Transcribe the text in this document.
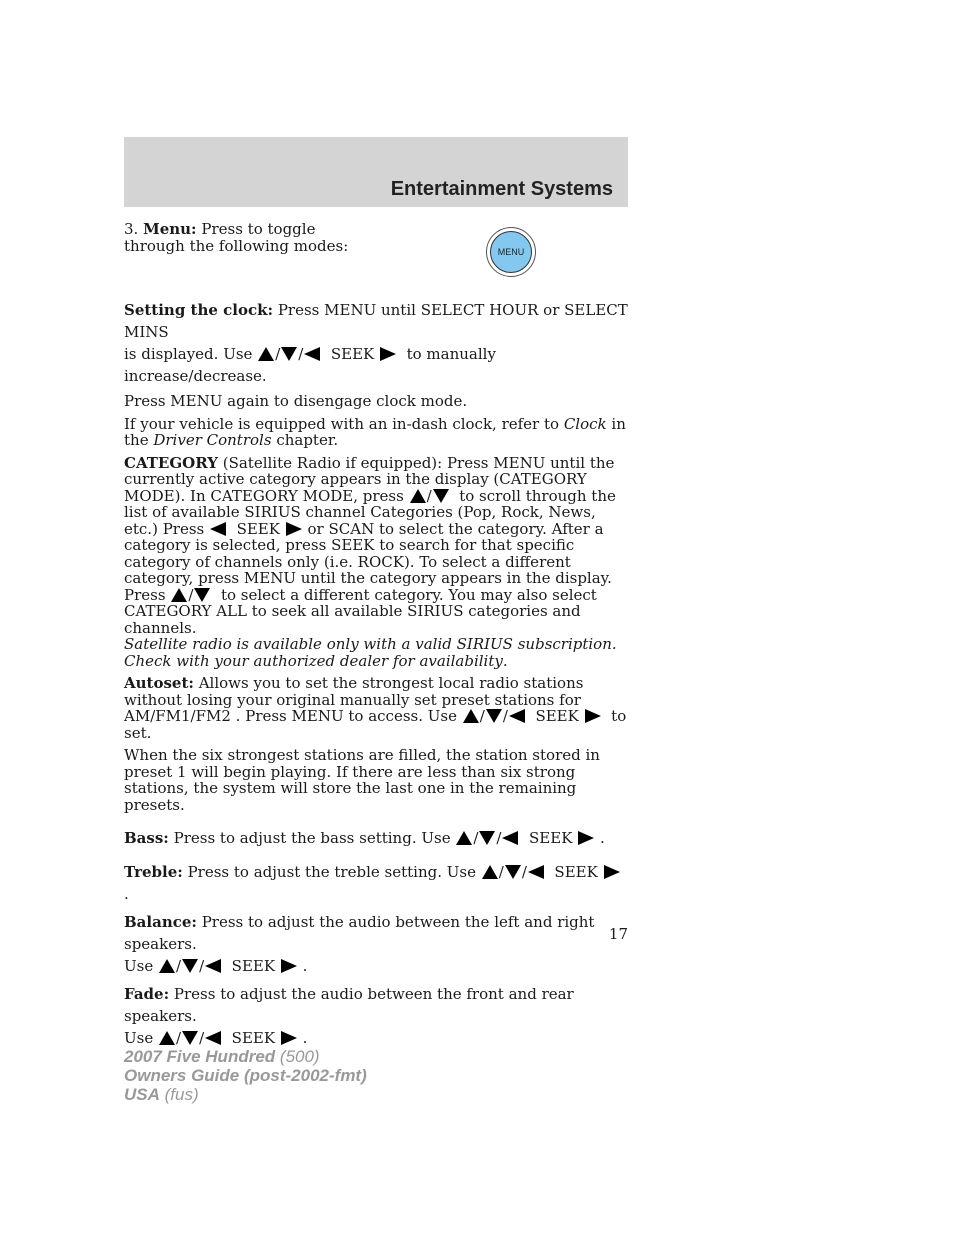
Entertainment Systems
3. Menu: Press to toggle through the following modes:	MENU
Setting the clock: Press MENU until SELECT HOUR or SELECT MINS
is displayed. Use / / SEEK to manually increase/decrease.
Press MENU again to disengage clock mode.
If your vehicle is equipped with an in-dash clock, refer to Clock in the Driver Controls chapter.
CATEGORY (Satellite Radio if equipped): Press MENU until the currently active category appears in the display (CATEGORY MODE). In CATEGORY MODE, press / to scroll through the list of available SIRIUS channel Categories (Pop, Rock, News, etc.) Press SEEK or SCAN to select the category. After a category is selected, press SEEK to search for that specific category of channels only (i.e. ROCK). To select a different category, press MENU until the category appears in the display. Press / to select a different category. You may also select CATEGORY ALL to seek all available SIRIUS categories and channels.
Satellite radio is available only with a valid SIRIUS subscription. Check with your authorized dealer for availability.
Autoset: Allows you to set the strongest local radio stations without losing your original manually set preset stations for AM/FM1/FM2 . Press MENU to access. Use / / SEEK to set.
When the six strongest stations are filled, the station stored in preset 1 will begin playing. If there are less than six strong stations, the system will store the last one in the remaining presets.
Bass: Press to adjust the bass setting. Use / / SEEK .
Treble: Press to adjust the treble setting. Use / / SEEK  .
Balance: Press to adjust the audio between the left and right speakers.
Use / / SEEK .
Fade: Press to adjust the audio between the front and rear speakers.
Use / / SEEK .
17
2007 Five Hundred (500)
Owners Guide (post-2002-fmt)
USA (fus)
